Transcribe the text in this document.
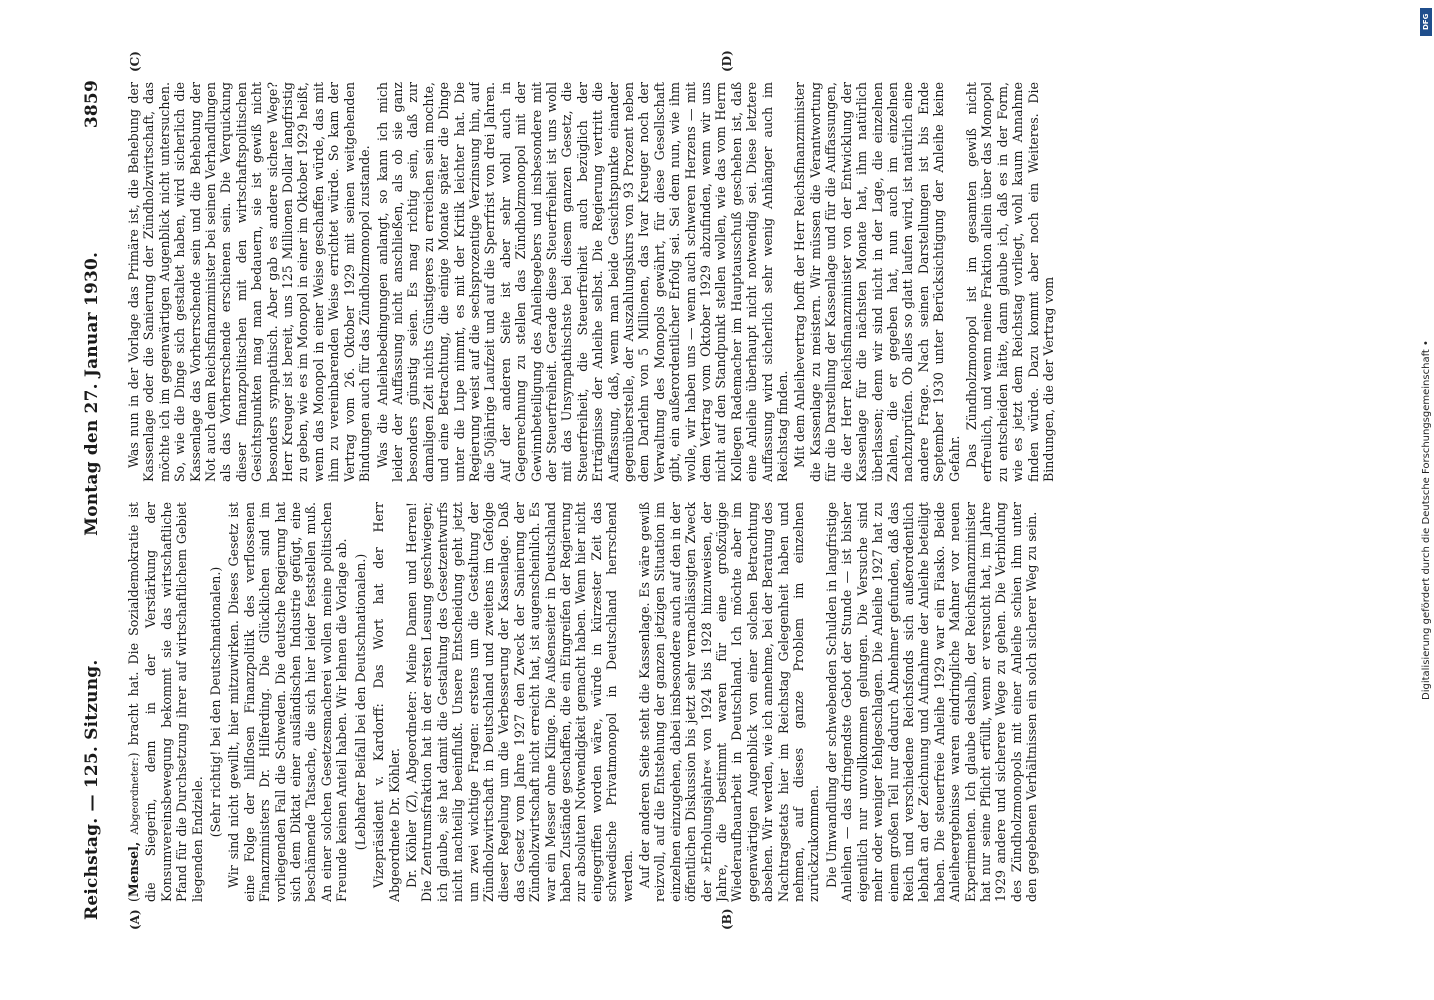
Reichstag. — 125. Sitzung.
Montag den 27. Januar 1930.
3859
(A)	(B)
(C)	(D)

(Mensel, Abgeordneter:) bracht hat. Die Sozialdemokratie ist die Siegerin, denn in der Verstärkung der Konsumvereinsbewegung bekommt sie das wirtschaftliche Pfand für die Durchsetzung ihrer auf wirtschaftlichem Gebiet liegenden Endziele.

(Sehr richtig! bei den Deutschnationalen.) Wir sind nicht gewillt, hier mitzuwirken. Dieses Gesetz ist eine Folge der hilflosen Finanzpolitik des verflossenen Finanzministers Dr. Hilferding. Die Glücklichen sind im vorliegenden Fall die Schweden. Die deutsche Regierung hat sich dem Diktat einer ausländischen Industrie gefügt, eine beschämende Tatsache, die sich hier leider feststellen muß. An einer solchen Gesetzesmacherei wollen meine politischen Freunde keinen Anteil haben. Wir lehnen die Vorlage ab. (Lebhafter Beifall bei den Deutschnationalen.) Vizepräsident v. Kardorff: Das Wort hat der Herr Abgeordnete Dr. Köhler. Dr. Köhler (Z), Abgeordneter: Meine Damen und Herren! Die Zentrumsfraktion hat in der ersten Lesung geschwiegen; ich glaube, sie hat damit die Gestaltung des Gesetzentwurfs nicht nachteilig beeinflußt. Unsere Entscheidung geht jetzt um zwei wichtige Fragen: erstens um die Gestaltung der Zündholzwirtschaft in Deutschland und zweitens im Gefolge dieser Regelung um die Verbesserung der Kassenlage. Daß das Gesetz vom Jahre 1927 den Zweck der Sanierung der Zündholzwirtschaft nicht erreicht hat, ist augenscheinlich. Es war ein Messer ohne Klinge. Die Außenseiter in Deutschland haben Zustände geschaffen, die ein Eingreifen der Regierung zur absoluten Notwendigkeit gemacht haben. Wenn hier nicht eingegriffen worden wäre, würde in kürzester Zeit das schwedische Privatmonopol in Deutschland herrschend werden. Auf der anderen Seite steht die Kassenlage. Es wäre gewiß reizvoll, auf die Entstehung der ganzen jetzigen Situation im einzelnen einzugehen, dabei insbesondere auch auf den in der öffentlichen Diskussion bis jetzt sehr vernachlässigten Zweck der »Erholungsjahre« von 1924 bis 1928 hinzuweisen, der Jahre, die bestimmt waren für eine großzügige Wiederaufbauarbeit in Deutschland. Ich möchte aber im gegenwärtigen Augenblick von einer solchen Betrachtung absehen. Wir werden, wie ich annehme, bei der Beratung des Nachtragsetats hier im Reichstag Gelegenheit haben und nehmen, auf dieses ganze Problem im einzelnen zurückzukommen. Die Umwandlung der schwebenden Schulden in langfristige Anleihen — das dringendste Gebot der Stunde — ist bisher eigentlich nur unvollkommen gelungen. Die Versuche sind mehr oder weniger fehlgeschlagen. Die Anleihe 1927 hat zu einem großen Teil nur dadurch Abnehmer gefunden, daß das Reich und verschiedene Reichsfonds sich außerordentlich lebhaft an der Zeichnung und Aufnahme der Anleihe beteiligt haben. Die steuerfreie Anleihe 1929 war ein Fiasko. Beide Anleiheergebnisse waren eindringliche Mahner vor neuen Experimenten. Ich glaube deshalb, der Reichsfinanzminister hat nur seine Pflicht erfüllt, wenn er versucht hat, im Jahre 1929 andere und sicherere Wege zu gehen. Die Verbindung des Zündholzmonopols mit einer Anleihe schien ihm unter den gegebenen Verhältnissen ein solch sicherer Weg zu sein.

Was nun in der Vorlage das Primäre ist, die Behebung der Kassenlage oder die Sanierung der Zündholzwirtschaft, das möchte ich im gegenwärtigen Augenblick nicht untersuchen. So, wie die Dinge sich gestaltet haben, wird sicherlich die Kassenlage das Vorherrschende sein und die Behebung der Not auch dem Reichsfinanzminister bei seinen Verhandlungen als das Vorherrschende erschienen sein. Die Verquickung dieser finanzpolitischen mit den wirtschaftspolitischen Gesichtspunkten mag man bedauern, sie ist gewiß nicht besonders sympathisch. Aber gab es andere sichere Wege? Herr Kreuger ist bereit, uns 125 Millionen Dollar langfristig zu geben, wie es im Monopol in einer im Oktober 1929 heißt, wenn das Monopol in einer Weise geschaffen würde, das mit ihm zu vereinbarenden Weise errichtet würde. So kam der Vertrag vom 26. Oktober 1929 mit seinen weitgehenden Bindungen auch für das Zündholzmonopol zustande. Was die Anleihebedingungen anlangt, so kann ich mich leider der Auffassung nicht anschließen, als ob sie ganz besonders günstig seien. Es mag richtig sein, daß zur damaligen Zeit nichts Günstigeres zu erreichen sein mochte, und eine Betrachtung, die einige Monate später die Dinge unter die Lupe nimmt, es mit der Kritik leichter hat. Die Regierung weist auf die sechsprozentige Verzinsung hin, auf die 50jährige Laufzeit und auf die Sperrfrist von drei Jahren. Auf der anderen Seite ist aber sehr wohl auch in Gegenrechnung zu stellen das Zündholzmonopol mit der Gewinnbeteiligung des Anleihegebers und insbesondere mit der Steuerfreiheit. Gerade diese Steuerfreiheit ist uns wohl mit das Unsympathischste bei diesem ganzen Gesetz, die Steuerfreiheit, die Steuerfreiheit auch bezüglich der Erträgnisse der Anleihe selbst. Die Regierung vertritt die Auffassung, daß, wenn man beide Gesichtspunkte einander gegenüberstelle, der Auszahlungskurs von 93 Prozent neben dem Darlehn von 5 Millionen, das Ivar Kreuger noch der Verwaltung des Monopols gewährt, für diese Gesellschaft gibt, ein außerordentlicher Erfolg sei. Sei dem nun, wie ihm wolle, wir haben uns — wenn auch schweren Herzens — mit dem Vertrag vom Oktober 1929 abzufinden, wenn wir uns nicht auf den Standpunkt stellen wollen, wie das vom Herrn Kollegen Rademacher im Hauptausschuß geschehen ist, daß eine Anleihe überhaupt nicht notwendig sei. Diese letztere Auffassung wird sicherlich sehr wenig Anhänger auch im Reichstag finden. Mit dem Anleihevertrag hofft der Herr Reichsfinanzminister die Kassenlage zu meistern. Wir müssen die Verantwortung für die Darstellung der Kassenlage und für die Auffassungen, die der Herr Reichsfinanzminister von der Entwicklung der Kassenlage für die nächsten Monate hat, ihm natürlich überlassen; denn wir sind nicht in der Lage, die einzelnen Zahlen, die er gegeben hat, nun auch im einzelnen nachzuprüfen. Ob alles so glatt laufen wird, ist natürlich eine andere Frage. Nach seinen Darstellungen ist bis Ende September 1930 unter Berücksichtigung der Anleihe keine Gefahr. Das Zündholzmonopol ist im gesamten gewiß nicht erfreulich, und wenn meine Fraktion allein über das Monopol zu entscheiden hätte, dann glaube ich, daß es in der Form, wie es jetzt dem Reichstag vorliegt, wohl kaum Annahme finden würde. Dazu kommt aber noch ein Weiteres. Die Bindungen, die der Vertrag vom

DFG
Digitalisierung gefördert durch die Deutsche Forschungsgemeinschaft •
